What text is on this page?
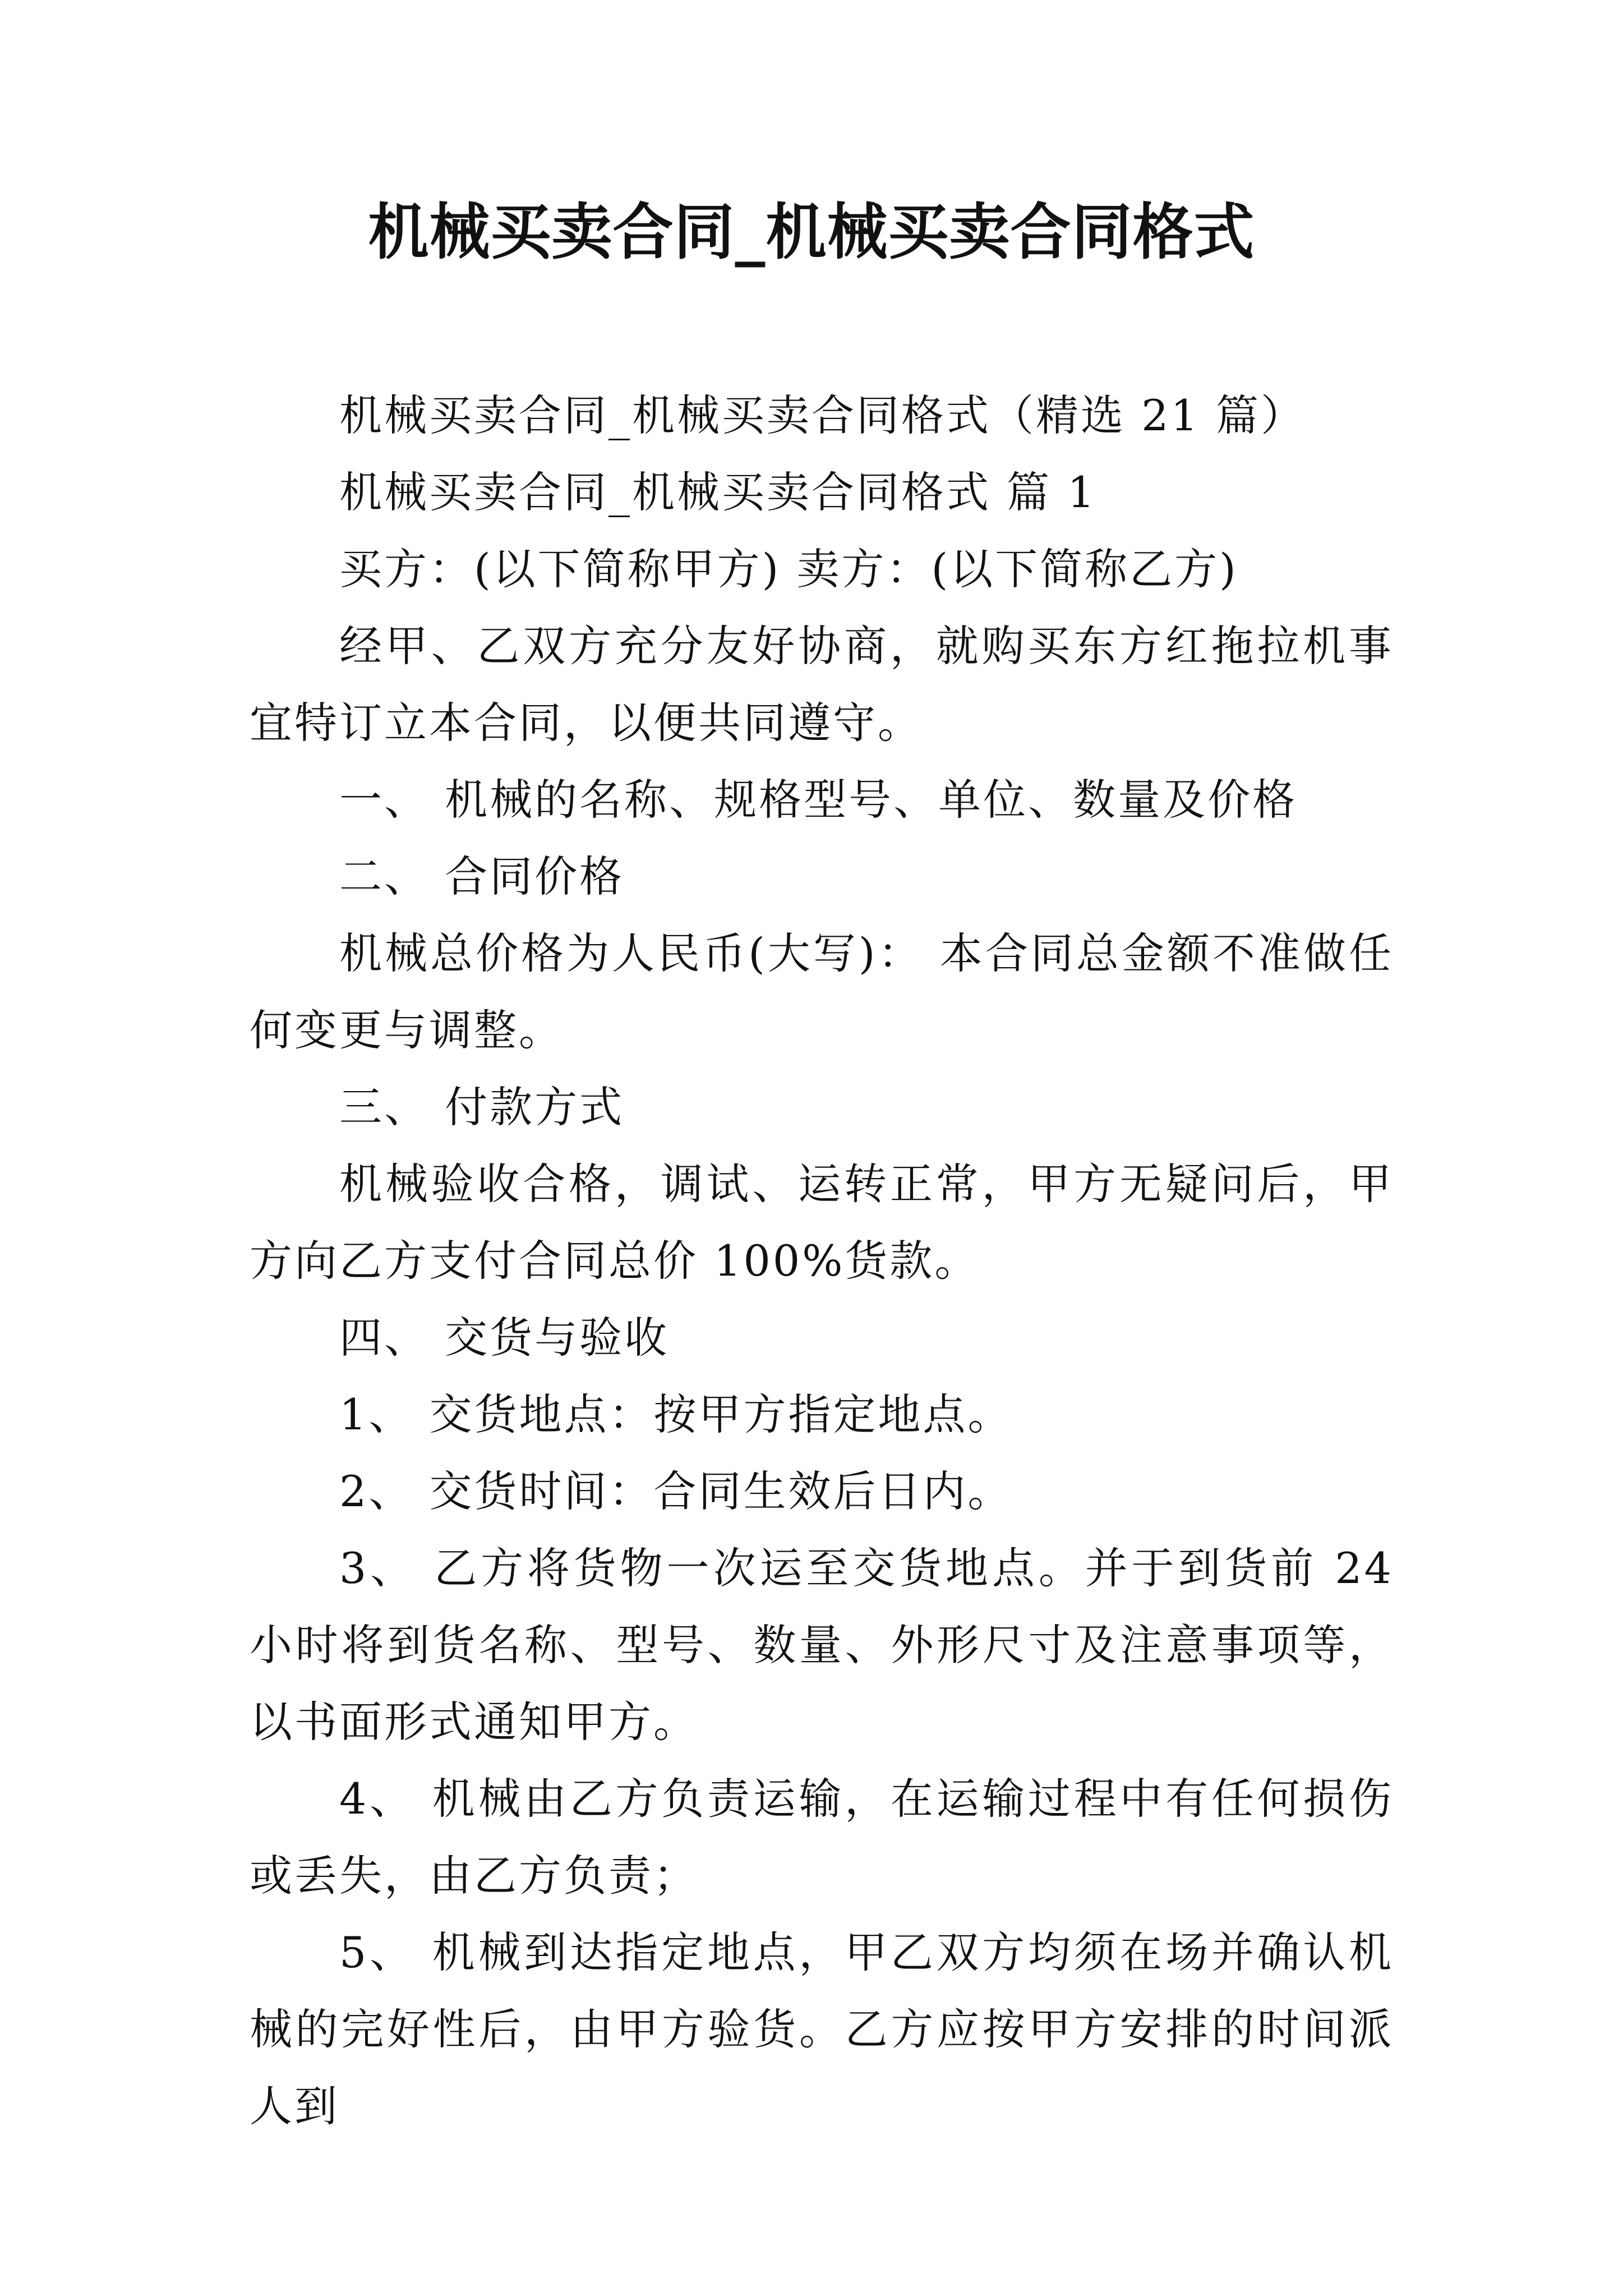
机械买卖合同_机械买卖合同格式

机械买卖合同_机械买卖合同格式（精选 21 篇）

机械买卖合同_机械买卖合同格式 篇 1

买方：(以下简称甲方) 卖方：(以下简称乙方)

经甲、乙双方充分友好协商，就购买东方红拖拉机事宜特订立本合同，以便共同遵守。

一、 机械的名称、规格型号、单位、数量及价格

二、 合同价格

机械总价格为人民币(大写)： 本合同总金额不准做任何变更与调整。

三、 付款方式

机械验收合格，调试、运转正常，甲方无疑问后，甲方向乙方支付合同总价 100%货款。

四、 交货与验收

1、 交货地点：按甲方指定地点。

2、 交货时间：合同生效后日内。

3、 乙方将货物一次运至交货地点。并于到货前 24 小时将到货名称、型号、数量、外形尺寸及注意事项等，以书面形式通知甲方。

4、 机械由乙方负责运输，在运输过程中有任何损伤或丢失，由乙方负责；

5、 机械到达指定地点，甲乙双方均须在场并确认机械的完好性后，由甲方验货。乙方应按甲方安排的时间派人到
